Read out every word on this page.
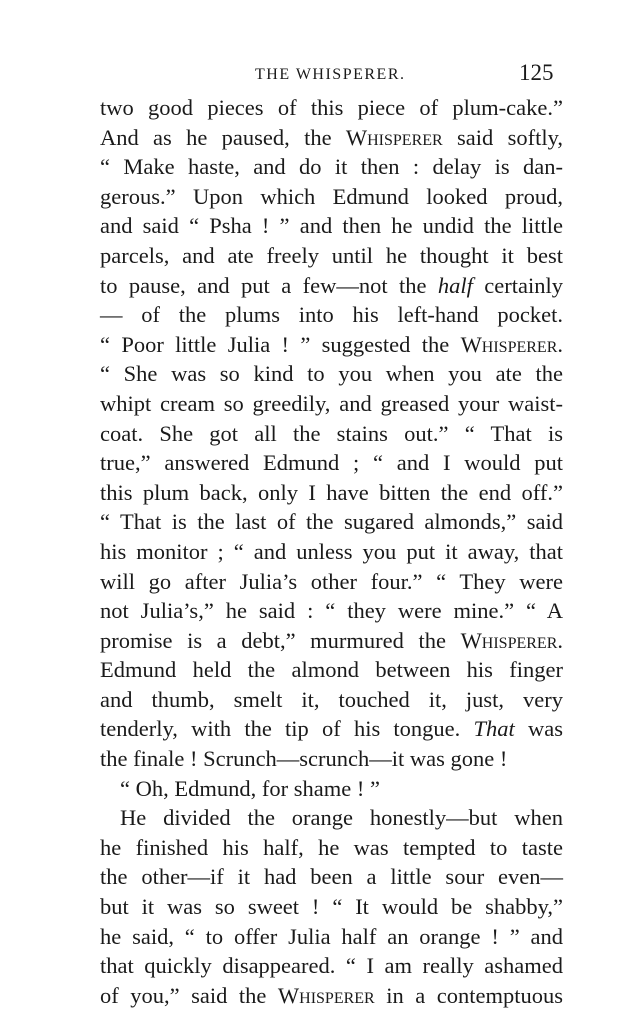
THE WHISPERER.	125
two good pieces of this piece of plum-cake.”
And as he paused, the Whisperer said softly,
“ Make haste, and do it then : delay is dan-
gerous.” Upon which Edmund looked proud,
and said “ Psha ! ” and then he undid the little
parcels, and ate freely until he thought it best
to pause, and put a few—not the half certainly
— of the plums into his left-hand pocket.
“ Poor little Julia ! ” suggested the Whisperer.
“ She was so kind to you when you ate the
whipt cream so greedily, and greased your waist-
coat. She got all the stains out.” “ That is
true,” answered Edmund ; “ and I would put
this plum back, only I have bitten the end off.”
“ That is the last of the sugared almonds,” said
his monitor ; “ and unless you put it away, that
will go after Julia’s other four.” “ They were
not Julia’s,” he said : “ they were mine.” “ A
promise is a debt,” murmured the Whisperer.
Edmund held the almond between his finger
and thumb, smelt it, touched it, just, very
tenderly, with the tip of his tongue. That was
the finale ! Scrunch—scrunch—it was gone !
“ Oh, Edmund, for shame ! ”
He divided the orange honestly—but when
he finished his half, he was tempted to taste
the other—if it had been a little sour even—
but it was so sweet ! “ It would be shabby,”
he said, “ to offer Julia half an orange ! ” and
that quickly disappeared. “ I am really ashamed
of you,” said the Whisperer in a contemptuous
